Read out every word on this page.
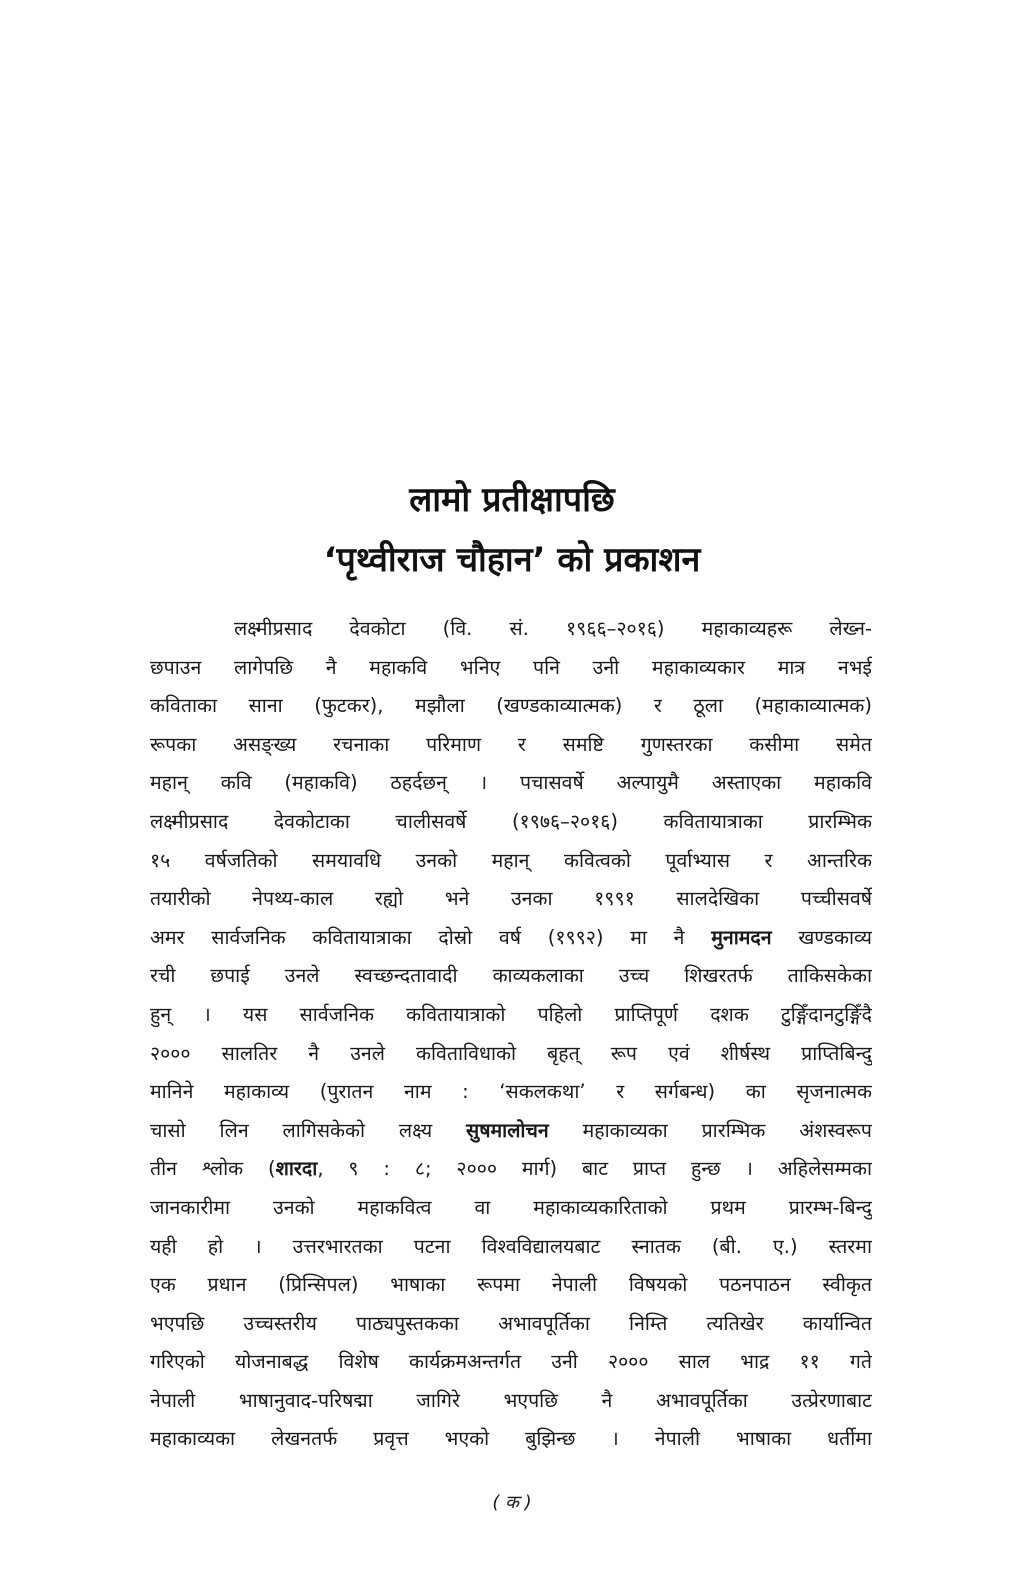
लामो प्रतीक्षापछि

‘पृथ्वीराज चौहान’ को प्रकाशन

लक्ष्मीप्रसाद देवकोटा (वि. सं. १९६६–२०१६) महाकाव्यहरू लेख्न-
छपाउन लागेपछि नै महाकवि भनिए पनि उनी महाकाव्यकार मात्र नभई
कविताका साना (फुटकर), मझौला (खण्डकाव्यात्मक) र ठूला (महाकाव्यात्मक)
रूपका असङ्ख्य रचनाका परिमाण र समष्टि गुणस्तरका कसीमा समेत
महान् कवि (महाकवि) ठहर्दछन् । पचासवर्षे अल्पायुमै अस्ताएका महाकवि
लक्ष्मीप्रसाद देवकोटाका चालीसवर्षे (१९७६–२०१६) कवितायात्राका प्रारम्भिक
१५ वर्षजतिको समयावधि उनको महान् कवित्वको पूर्वाभ्यास र आन्तरिक
तयारीको नेपथ्य-काल रह्यो भने उनका १९९१ सालदेखिका पच्चीसवर्षे
अमर सार्वजनिक कवितायात्राका दोस्रो वर्ष (१९९२) मा नै मुनामदन खण्डकाव्य
रची छपाई उनले स्वच्छन्दतावादी काव्यकलाका उच्च शिखरतर्फ ताकिसकेका
हुन् । यस सार्वजनिक कवितायात्राको पहिलो प्राप्तिपूर्ण दशक टुङ्गिँदानटुङ्गिँदै
२००० सालतिर नै उनले कविताविधाको बृहत् रूप एवं शीर्षस्थ प्राप्तिबिन्दु
मानिने महाकाव्य (पुरातन नाम : ‘सकलकथा’ र सर्गबन्ध) का सृजनात्मक
चासो लिन लागिसकेको लक्ष्य सुषमालोचन महाकाव्यका प्रारम्भिक अंशस्वरूप
तीन श्लोक (शारदा, ९ : ८; २००० मार्ग) बाट प्राप्त हुन्छ । अहिलेसम्मका
जानकारीमा उनको महाकवित्व वा महाकाव्यकारिताको प्रथम प्रारम्भ-बिन्दु
यही हो । उत्तरभारतका पटना विश्वविद्यालयबाट स्नातक (बी. ए.) स्तरमा
एक प्रधान (प्रिन्सिपल) भाषाका रूपमा नेपाली विषयको पठनपाठन स्वीकृत
भएपछि उच्चस्तरीय पाठ्यपुस्तकका अभावपूर्तिका निम्ति त्यतिखेर कार्यान्वित
गरिएको योजनाबद्ध विशेष कार्यक्रमअन्तर्गत उनी २००० साल भाद्र ११ गते
नेपाली भाषानुवाद-परिषद्मा जागिरे भएपछि नै अभावपूर्तिका उत्प्रेरणाबाट
महाकाव्यका लेखनतर्फ प्रवृत्त भएको बुझिन्छ । नेपाली भाषाका धर्तीमा
( क )
